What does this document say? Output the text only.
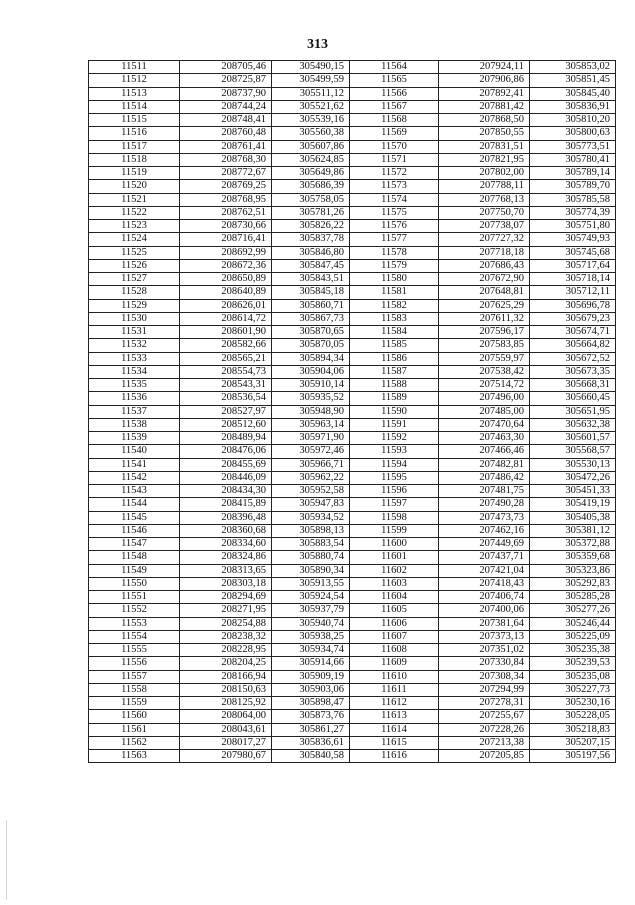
313
11511	208705,46	305490,15	11564	207924,11	305853,02
11512	208725,87	305499,59	11565	207906,86	305851,45
11513	208737,90	305511,12	11566	207892,41	305845,40
11514	208744,24	305521,62	11567	207881,42	305836,91
11515	208748,41	305539,16	11568	207868,50	305810,20
11516	208760,48	305560,38	11569	207850,55	305800,63
11517	208761,41	305607,86	11570	207831,51	305773,51
11518	208768,30	305624,85	11571	207821,95	305780,41
11519	208772,67	305649,86	11572	207802,00	305789,14
11520	208769,25	305686,39	11573	207788,11	305789,70
11521	208768,95	305758,05	11574	207768,13	305785,58
11522	208762,51	305781,26	11575	207750,70	305774,39
11523	208730,66	305826,22	11576	207738,07	305751,80
11524	208716,41	305837,78	11577	207727,32	305749,93
11525	208692,99	305846,80	11578	207718,18	305745,68
11526	208672,36	305847,45	11579	207686,43	305717,64
11527	208650,89	305843,51	11580	207672,90	305718,14
11528	208640,89	305845,18	11581	207648,81	305712,11
11529	208626,01	305860,71	11582	207625,29	305696,78
11530	208614,72	305867,73	11583	207611,32	305679,23
11531	208601,90	305870,65	11584	207596,17	305674,71
11532	208582,66	305870,05	11585	207583,85	305664,82
11533	208565,21	305894,34	11586	207559,97	305672,52
11534	208554,73	305904,06	11587	207538,42	305673,35
11535	208543,31	305910,14	11588	207514,72	305668,31
11536	208536,54	305935,52	11589	207496,00	305660,45
11537	208527,97	305948,90	11590	207485,00	305651,95
11538	208512,60	305963,14	11591	207470,64	305632,38
11539	208489,94	305971,90	11592	207463,30	305601,57
11540	208476,06	305972,46	11593	207466,46	305568,57
11541	208455,69	305966,71	11594	207482,81	305530,13
11542	208446,09	305962,22	11595	207486,42	305472,26
11543	208434,30	305952,58	11596	207481,75	305451,33
11544	208415,89	305947,83	11597	207490,28	305419,19
11545	208396,48	305934,52	11598	207473,73	305405,38
11546	208360,68	305898,13	11599	207462,16	305381,12
11547	208334,60	305883,54	11600	207449,69	305372,88
11548	208324,86	305880,74	11601	207437,71	305359,68
11549	208313,65	305890,34	11602	207421,04	305323,86
11550	208303,18	305913,55	11603	207418,43	305292,83
11551	208294,69	305924,54	11604	207406,74	305285,28
11552	208271,95	305937,79	11605	207400,06	305277,26
11553	208254,88	305940,74	11606	207381,64	305246,44
11554	208238,32	305938,25	11607	207373,13	305225,09
11555	208228,95	305934,74	11608	207351,02	305235,38
11556	208204,25	305914,66	11609	207330,84	305239,53
11557	208166,94	305909,19	11610	207308,34	305235,08
11558	208150,63	305903,06	11611	207294,99	305227,73
11559	208125,92	305898,47	11612	207278,31	305230,16
11560	208064,00	305873,76	11613	207255,67	305228,05
11561	208043,61	305861,27	11614	207228,26	305218,83
11562	208017,27	305836,61	11615	207213,38	305207,15
11563	207980,67	305840,58	11616	207205,85	305197,56
